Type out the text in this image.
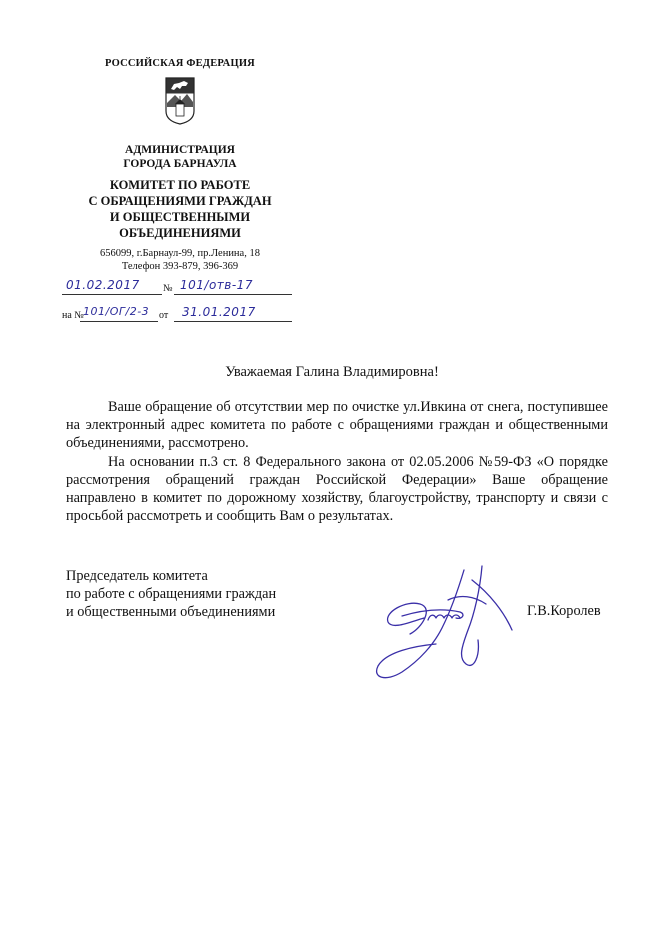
РОССИЙСКАЯ ФЕДЕРАЦИЯ
АДМИНИСТРАЦИЯ
ГОРОДА БАРНАУЛА
КОМИТЕТ ПО РАБОТЕ
С ОБРАЩЕНИЯМИ ГРАЖДАН
И ОБЩЕСТВЕННЫМИ
ОБЪЕДИНЕНИЯМИ
656099, г.Барнаул-99, пр.Ленина, 18
Телефон 393-879, 396-369
01.02.2017 № 101/отв-17
на № 101/ОГ/2-3 от 31.01.2017
Уважаемая Галина Владимировна!

Ваше обращение об отсутствии мер по очистке ул.Ивкина от снега, поступившее на электронный адрес комитета по работе с обращениями граждан и общественными объединениями, рассмотрено.

На основании п.3 ст. 8 Федерального закона от 02.05.2006 №59-ФЗ «О порядке рассмотрения обращений граждан Российской Федерации» Ваше обращение направлено в комитет по дорожному хозяйству, благоустройству, транспорту и связи с просьбой рассмотреть и сообщить Вам о результатах.

Председатель комитета
по работе с обращениями граждан
и общественными объединениями	Г.В.Королев
